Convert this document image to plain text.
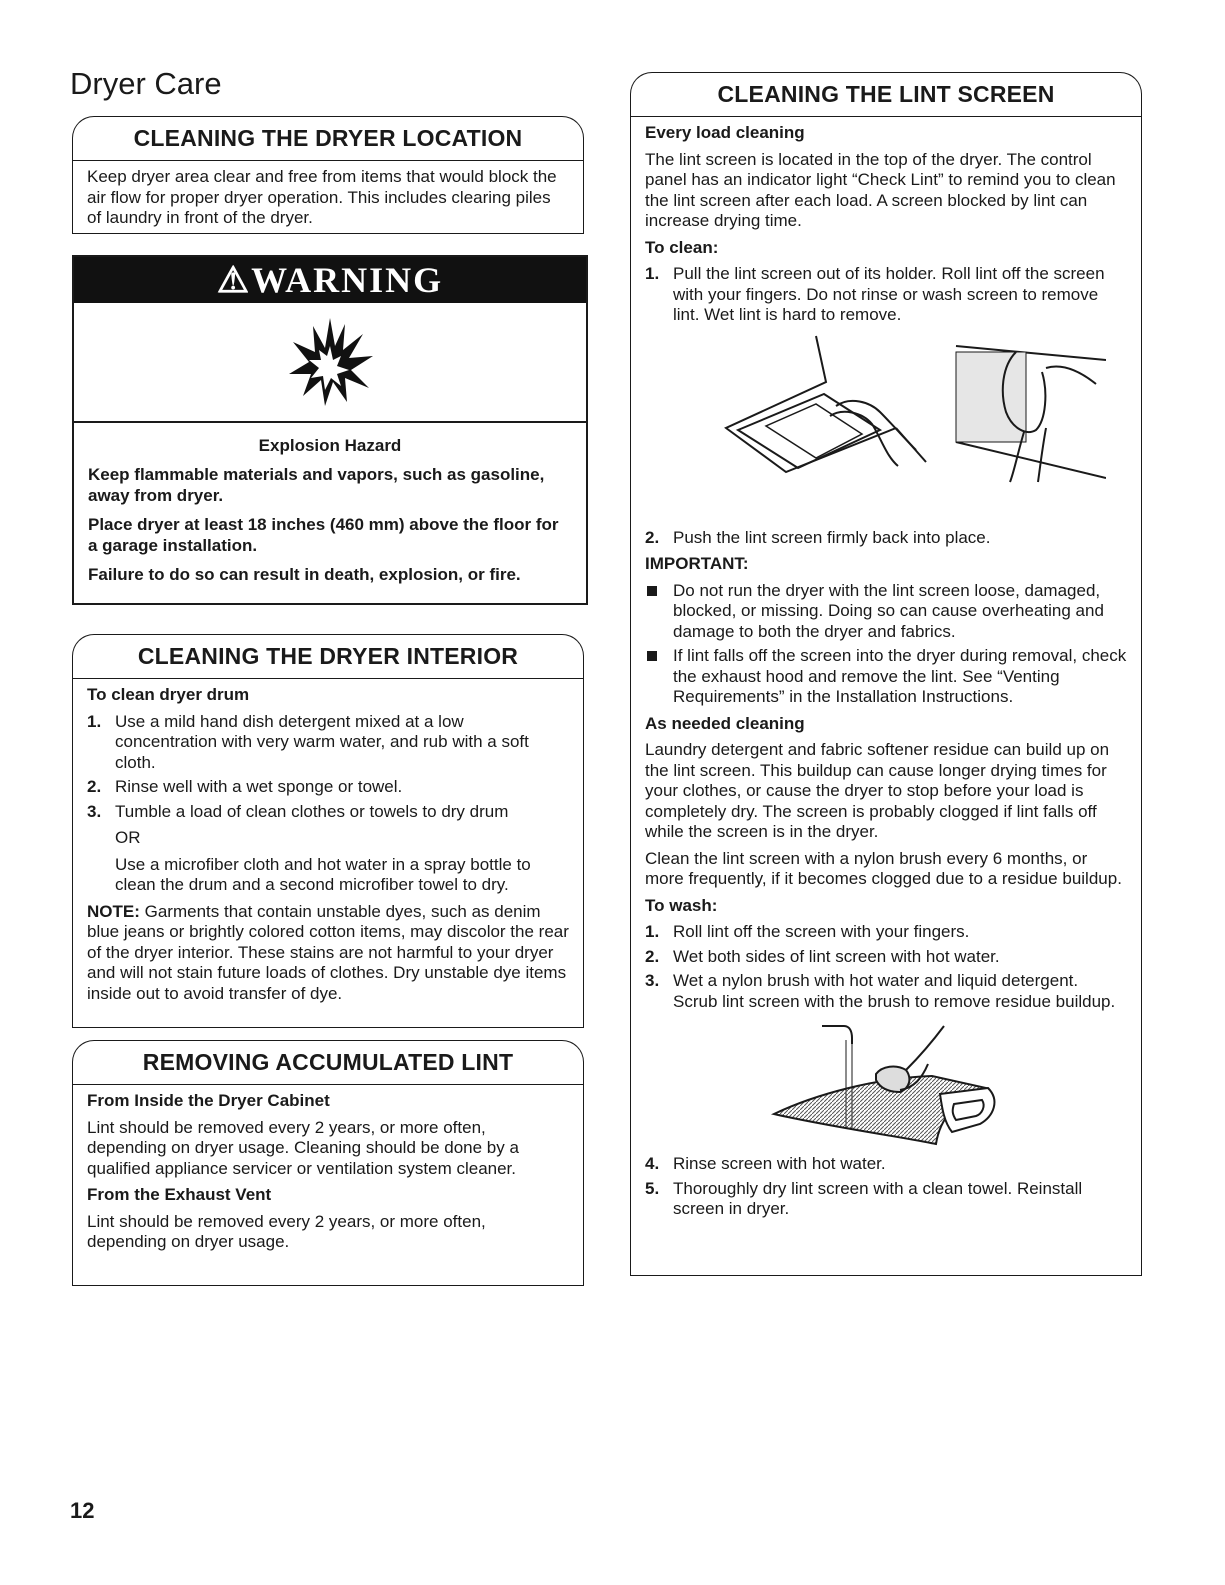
Dryer Care
CLEANING THE DRYER LOCATION

Keep dryer area clear and free from items that would block the air flow for proper dryer operation. This includes clearing piles of laundry in front of the dryer.

⚠WARNING

Explosion Hazard

Keep flammable materials and vapors, such as gasoline, away from dryer.

Place dryer at least 18 inches (460 mm) above the floor for a garage installation.

Failure to do so can result in death, explosion, or fire.

CLEANING THE DRYER INTERIOR

To clean dryer drum

1. Use a mild hand dish detergent mixed at a low concentration with very warm water, and rub with a soft cloth.
2. Rinse well with a wet sponge or towel.
3. Tumble a load of clean clothes or towels to dry drum

OR

Use a microfiber cloth and hot water in a spray bottle to clean the drum and a second microfiber towel to dry.

NOTE: Garments that contain unstable dyes, such as denim blue jeans or brightly colored cotton items, may discolor the rear of the dryer interior. These stains are not harmful to your dryer and will not stain future loads of clothes. Dry unstable dye items inside out to avoid transfer of dye.

REMOVING ACCUMULATED LINT

From Inside the Dryer Cabinet

Lint should be removed every 2 years, or more often, depending on dryer usage. Cleaning should be done by a qualified appliance servicer or ventilation system cleaner.

From the Exhaust Vent

Lint should be removed every 2 years, or more often, depending on dryer usage.

CLEANING THE LINT SCREEN

Every load cleaning

The lint screen is located in the top of the dryer. The control panel has an indicator light “Check Lint” to remind you to clean the lint screen after each load. A screen blocked by lint can increase drying time.

To clean:

1. Pull the lint screen out of its holder. Roll lint off the screen with your fingers. Do not rinse or wash screen to remove lint. Wet lint is hard to remove.
2. Push the lint screen firmly back into place.

IMPORTANT:

Do not run the dryer with the lint screen loose, damaged, blocked, or missing. Doing so can cause overheating and damage to both the dryer and fabrics.
If lint falls off the screen into the dryer during removal, check the exhaust hood and remove the lint. See “Venting Requirements” in the Installation Instructions.

As needed cleaning

Laundry detergent and fabric softener residue can build up on the lint screen. This buildup can cause longer drying times for your clothes, or cause the dryer to stop before your load is completely dry. The screen is probably clogged if lint falls off while the screen is in the dryer.

Clean the lint screen with a nylon brush every 6 months, or more frequently, if it becomes clogged due to a residue buildup.

To wash:

1. Roll lint off the screen with your fingers.
2. Wet both sides of lint screen with hot water.
3. Wet a nylon brush with hot water and liquid detergent. Scrub lint screen with the brush to remove residue buildup.
4. Rinse screen with hot water.
5. Thoroughly dry lint screen with a clean towel. Reinstall screen in dryer.
12
